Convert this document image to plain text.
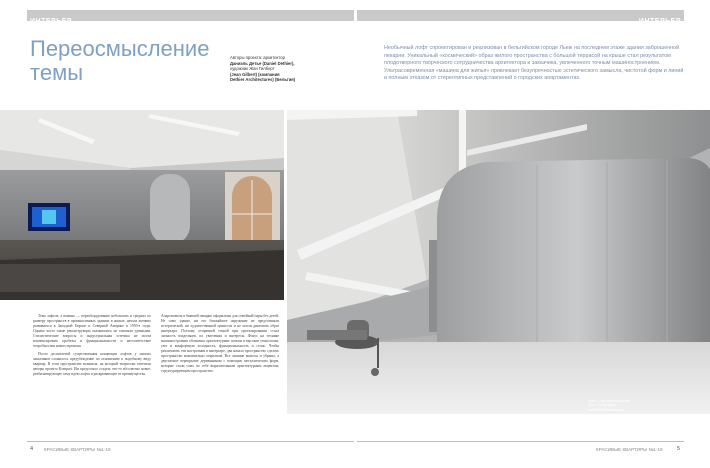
ИНТЕРЬЕР	ИНТЕРЬЕР
Переосмысление
темы
Авторы проекта: архитектор
Даниэль Детье (Daniel Dethier),
художник Жан Гилберт
(Jean Gilbert) (компания
Dethier Architectures) (Бельгия)
Необычный лофт спроектирован и реализован в бельгийском городе Льеж на последнем этаже здания заброшенной пекарни. Уникальный «космический» образ жилого пространства с большой террасой на крыше стал результатом плодотворного творческого сотрудничества архитектора и заказчика, увлеченного точным машиностроением. Ультрасовременная «машина для жилья» привлекает безупречностью эстетического замысла, чистотой форм и линий и полным отказом от стереотипных представлений о городских апартаментах.
Текст: Светлана Кононова
Фото: Serge Brison
for Dethier Architectures

Тема лофтов, а именно — переоборудование небольших и средних по размеру пространств в промышленных зданиях в жилые, начала активно развиваться в Западной Европе и Северной Америке в 1950-е годы. Однако часто такие реконструкции оказывались не слишком удачными. Стилистические вопросы и индустриальная эстетика не могли компенсировать пробелы в функциональности и несоответствие потребностям нового времени.

После десятилетий существования концепции лофтов у многих заказчиков сложилось предубеждение по отношению к подобному виду квартир. В этом пространстве возникла, на который творчески ответили авторы проекта Kompart. Им предстояло создать что-то абсолютно новое, реабилитирующее саму идею лофта и раскрывающее ее преимущества.

Апартаменты в бывшей пекарне оформлены для семейной пары без детей. Не само здание, ни его ближайшее окружение не представляли исторической, ни художественной ценности и не могли диктовать образ интерьера. Поэтому отправной точкой при проектировании стала личность владельцев, их увлечения и интересы. Фокус на технике машиностроения обозначил архитектурные поиски и высокие технологии, уют и комфортную холодность, функциональность и стиль. Чтобы реализовать эти настроения в интерьере, два начала пространство сделать пространство максимально открытым. Все лишние выносы и убраны, а двускатное перекрытие деревянными с помощью металлических форм, которые стали само по себе выразительным архитектурным акцентом, структурирующим пространство.

4 КРАСИВЫЕ КВАРТИРЫ №1-16	КРАСИВЫЕ КВАРТИРЫ №1-16	5
